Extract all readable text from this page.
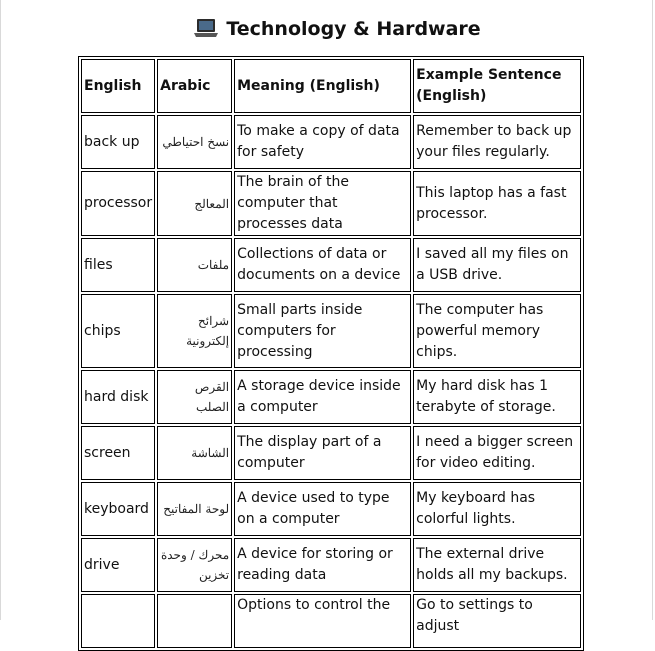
Technology & Hardware
English	Arabic	Meaning (English)	Example Sentence (English)
back up	نسخ احتياطي	To make a copy of data for safety	Remember to back up your files regularly.
processor	المعالج	The brain of the computer that processes data	This laptop has a fast processor.
files	ملفات	Collections of data or documents on a device	I saved all my files on a USB drive.
chips	شرائح إلكترونية	Small parts inside computers for processing	The computer has powerful memory chips.
hard disk	القرص الصلب	A storage device inside a computer	My hard disk has 1 terabyte of storage.
screen	الشاشة	The display part of a computer	I need a bigger screen for video editing.
keyboard	لوحة المفاتيح	A device used to type on a computer	My keyboard has colorful lights.
drive	محرك / وحدة تخزين	A device for storing or reading data	The external drive holds all my backups.
		Options to control the	Go to settings to adjust
